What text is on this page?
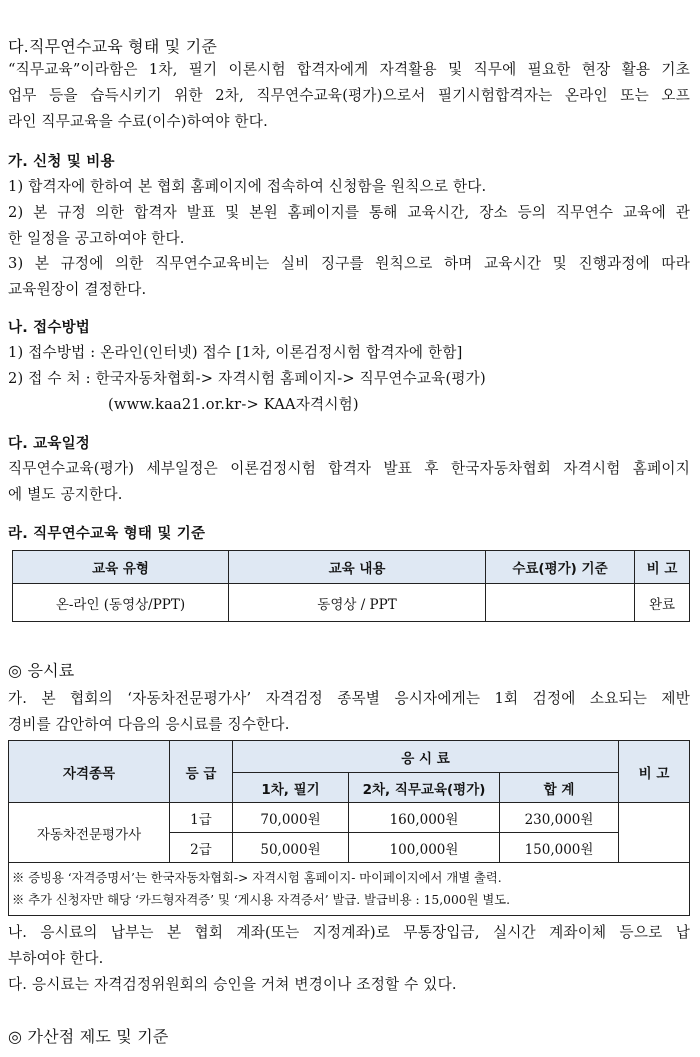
다.직무연수교육 형태 및 기준
“직무교육”이라함은 1차, 필기 이론시험 합격자에게 자격활용 및 직무에 필요한 현장 활용 기초
업무 등을 습득시키기 위한 2차, 직무연수교육(평가)으로서 필기시험합격자는 온라인 또는 오프
라인 직무교육을 수료(이수)하여야 한다.
가. 신청 및 비용
1) 합격자에 한하여 본 협회 홈페이지에 접속하여 신청함을 원칙으로 한다.
2) 본 규정 의한 합격자 발표 및 본원 홈페이지를 통해 교육시간, 장소 등의 직무연수 교육에 관
한 일정을 공고하여야 한다.
3) 본 규정에 의한 직무연수교육비는 실비 징구를 원칙으로 하며 교육시간 및 진행과정에 따라
교육원장이 결정한다.
나. 접수방법
1) 접수방법 : 온라인(인터넷) 접수 [1차, 이론검정시험 합격자에 한함]
2) 접 수 처 : 한국자동차협회-> 자격시험 홈페이지-> 직무연수교육(평가)
(www.kaa21.or.kr-> KAA자격시험)
다. 교육일정
직무연수교육(평가) 세부일정은 이론검정시험 합격자 발표 후 한국자동차협회 자격시험 홈페이지
에 별도 공지한다.
라. 직무연수교육 형태 및 기준
교육 유형	교육 내용	수료(평가) 기준	비 고
온-라인 (동영상/PPT)	동영상 / PPT		완료
◎ 응시료
가. 본 협회의 ‘자동차전문평가사’ 자격검정 종목별 응시자에게는 1회 검정에 소요되는 제반
경비를 감안하여 다음의 응시료를 징수한다.
자격종목	등 급	응 시 료			비 고
		1차, 필기	2차, 직무교육(평가)	합 계	
자동차전문평가사	1급	70,000원	160,000원	230,000원	
	2급	50,000원	100,000원	150,000원	

※ 증빙용 ‘자격증명서’는 한국자동차협회-> 자격시험 홈페이지- 마이페이지에서 개별 출력.
※ 추가 신청자만 해당 ‘카드형자격증’ 및 ‘게시용 자격증서’ 발급. 발급비용 : 15,000원 별도.					
나. 응시료의 납부는 본 협회 계좌(또는 지정계좌)로 무통장입금, 실시간 계좌이체 등으로 납
부하여야 한다.
다. 응시료는 자격검정위원회의 승인을 거쳐 변경이나 조정할 수 있다.
◎ 가산점 제도 및 기준
